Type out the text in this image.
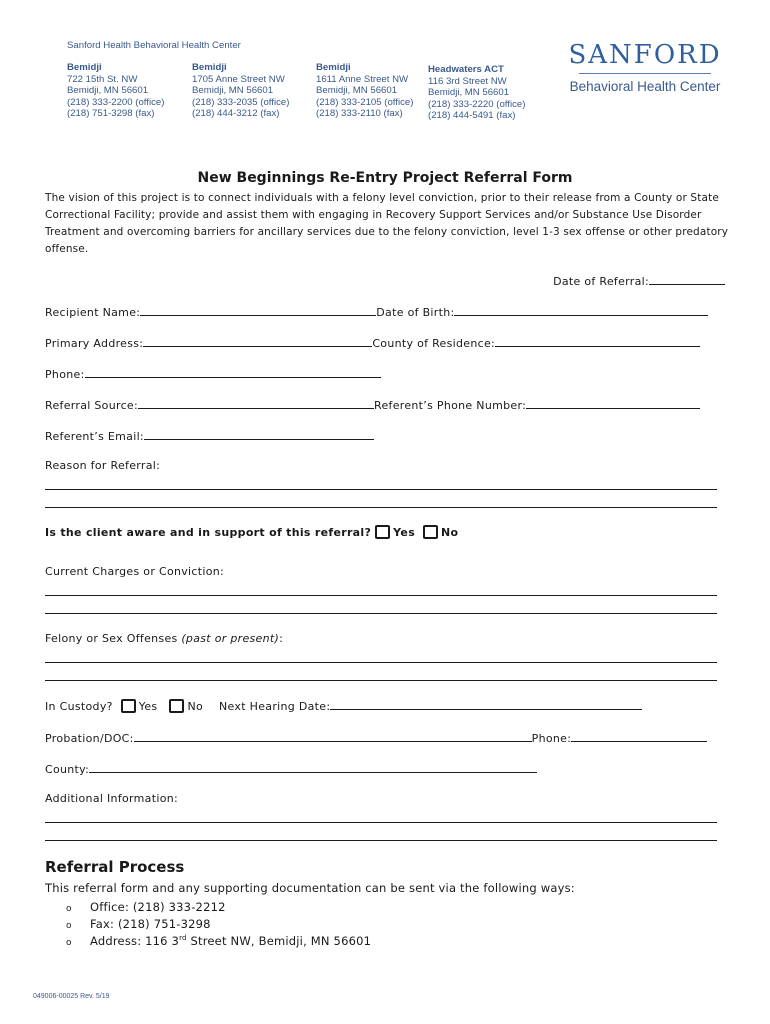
Sanford Health Behavioral Health Center
Bemidji
722 15th St. NW
Bemidji, MN 56601
(218) 333-2200 (office)
(218) 751-3298 (fax)
Bemidji
1705 Anne Street NW
Bemidji, MN 56601
(218) 333-2035 (office)
(218) 444-3212 (fax)
Bemidji
1611 Anne Street NW
Bemidji, MN 56601
(218) 333-2105 (office)
(218) 333-2110 (fax)
Headwaters ACT
116 3rd Street NW
Bemidji, MN 56601
(218) 333-2220 (office)
(218) 444-5491 (fax)
SANFORD
Behavioral Health Center
New Beginnings Re-Entry Project Referral Form
The vision of this project is to connect individuals with a felony level conviction, prior to their release from a County or State Correctional Facility; provide and assist them with engaging in Recovery Support Services and/or Substance Use Disorder Treatment and overcoming barriers for ancillary services due to the felony conviction, level 1-3 sex offense or other predatory offense.
Date of Referral:
Recipient Name:	Date of Birth:
Primary Address:	County of Residence:
Phone:
Referral Source:	Referent’s Phone Number:
Referent’s Email:
Reason for Referral:
Is the client aware and in support of this referral? Yes No
Current Charges or Conviction:
Felony or Sex Offenses (past or present):
In Custody? Yes	No Next Hearing Date:
Probation/DOC:	Phone:
County:
Additional Information:
Referral Process
This referral form and any supporting documentation can be sent via the following ways:
o Office: (218) 333-2212
o Fax: (218) 751-3298
o Address: 116 3rd Street NW, Bemidji, MN 56601
049006-00025 Rev. 5/19
